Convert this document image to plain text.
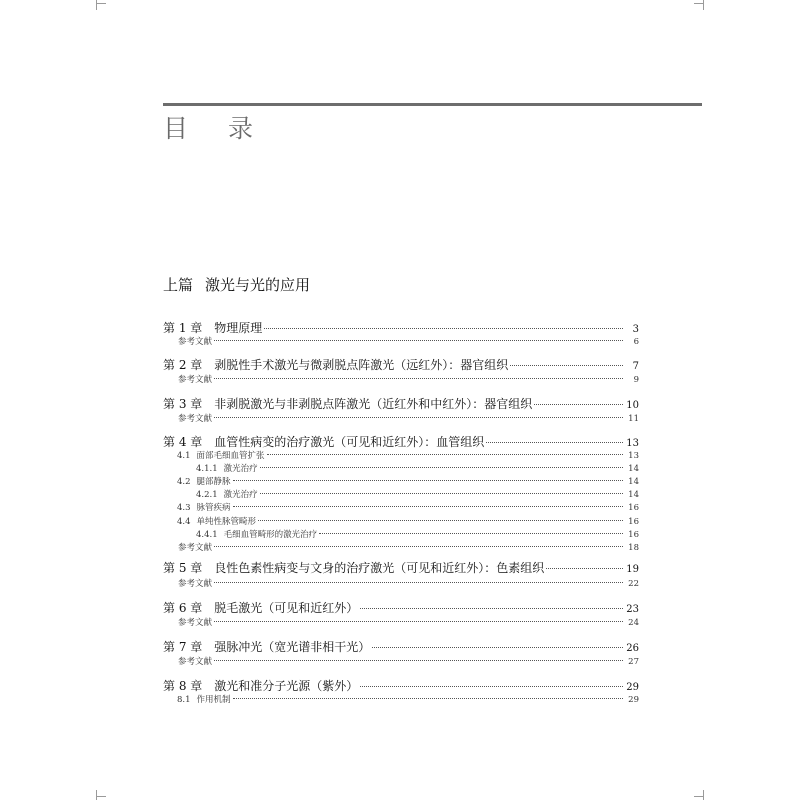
目 录
上篇 激光与光的应用
第 1 章 物理原理	3
参考文献	6
第 2 章 剥脱性手术激光与微剥脱点阵激光（远红外）：器官组织	7
参考文献	9
第 3 章 非剥脱激光与非剥脱点阵激光（近红外和中红外）：器官组织	10
参考文献	11
第 4 章 血管性病变的治疗激光（可见和近红外）：血管组织	13
4.1 面部毛细血管扩张	13
4.1.1 激光治疗	14
4.2 腿部静脉	14
4.2.1 激光治疗	14
4.3 脉管疾病	16
4.4 单纯性脉管畸形	16
4.4.1 毛细血管畸形的激光治疗	16
参考文献	18
第 5 章 良性色素性病变与文身的治疗激光（可见和近红外）：色素组织	19
参考文献	22
第 6 章 脱毛激光（可见和近红外）	23
参考文献	24
第 7 章 强脉冲光（宽光谱非相干光）	26
参考文献	27
第 8 章 激光和准分子光源（紫外）	29
8.1 作用机制	29
